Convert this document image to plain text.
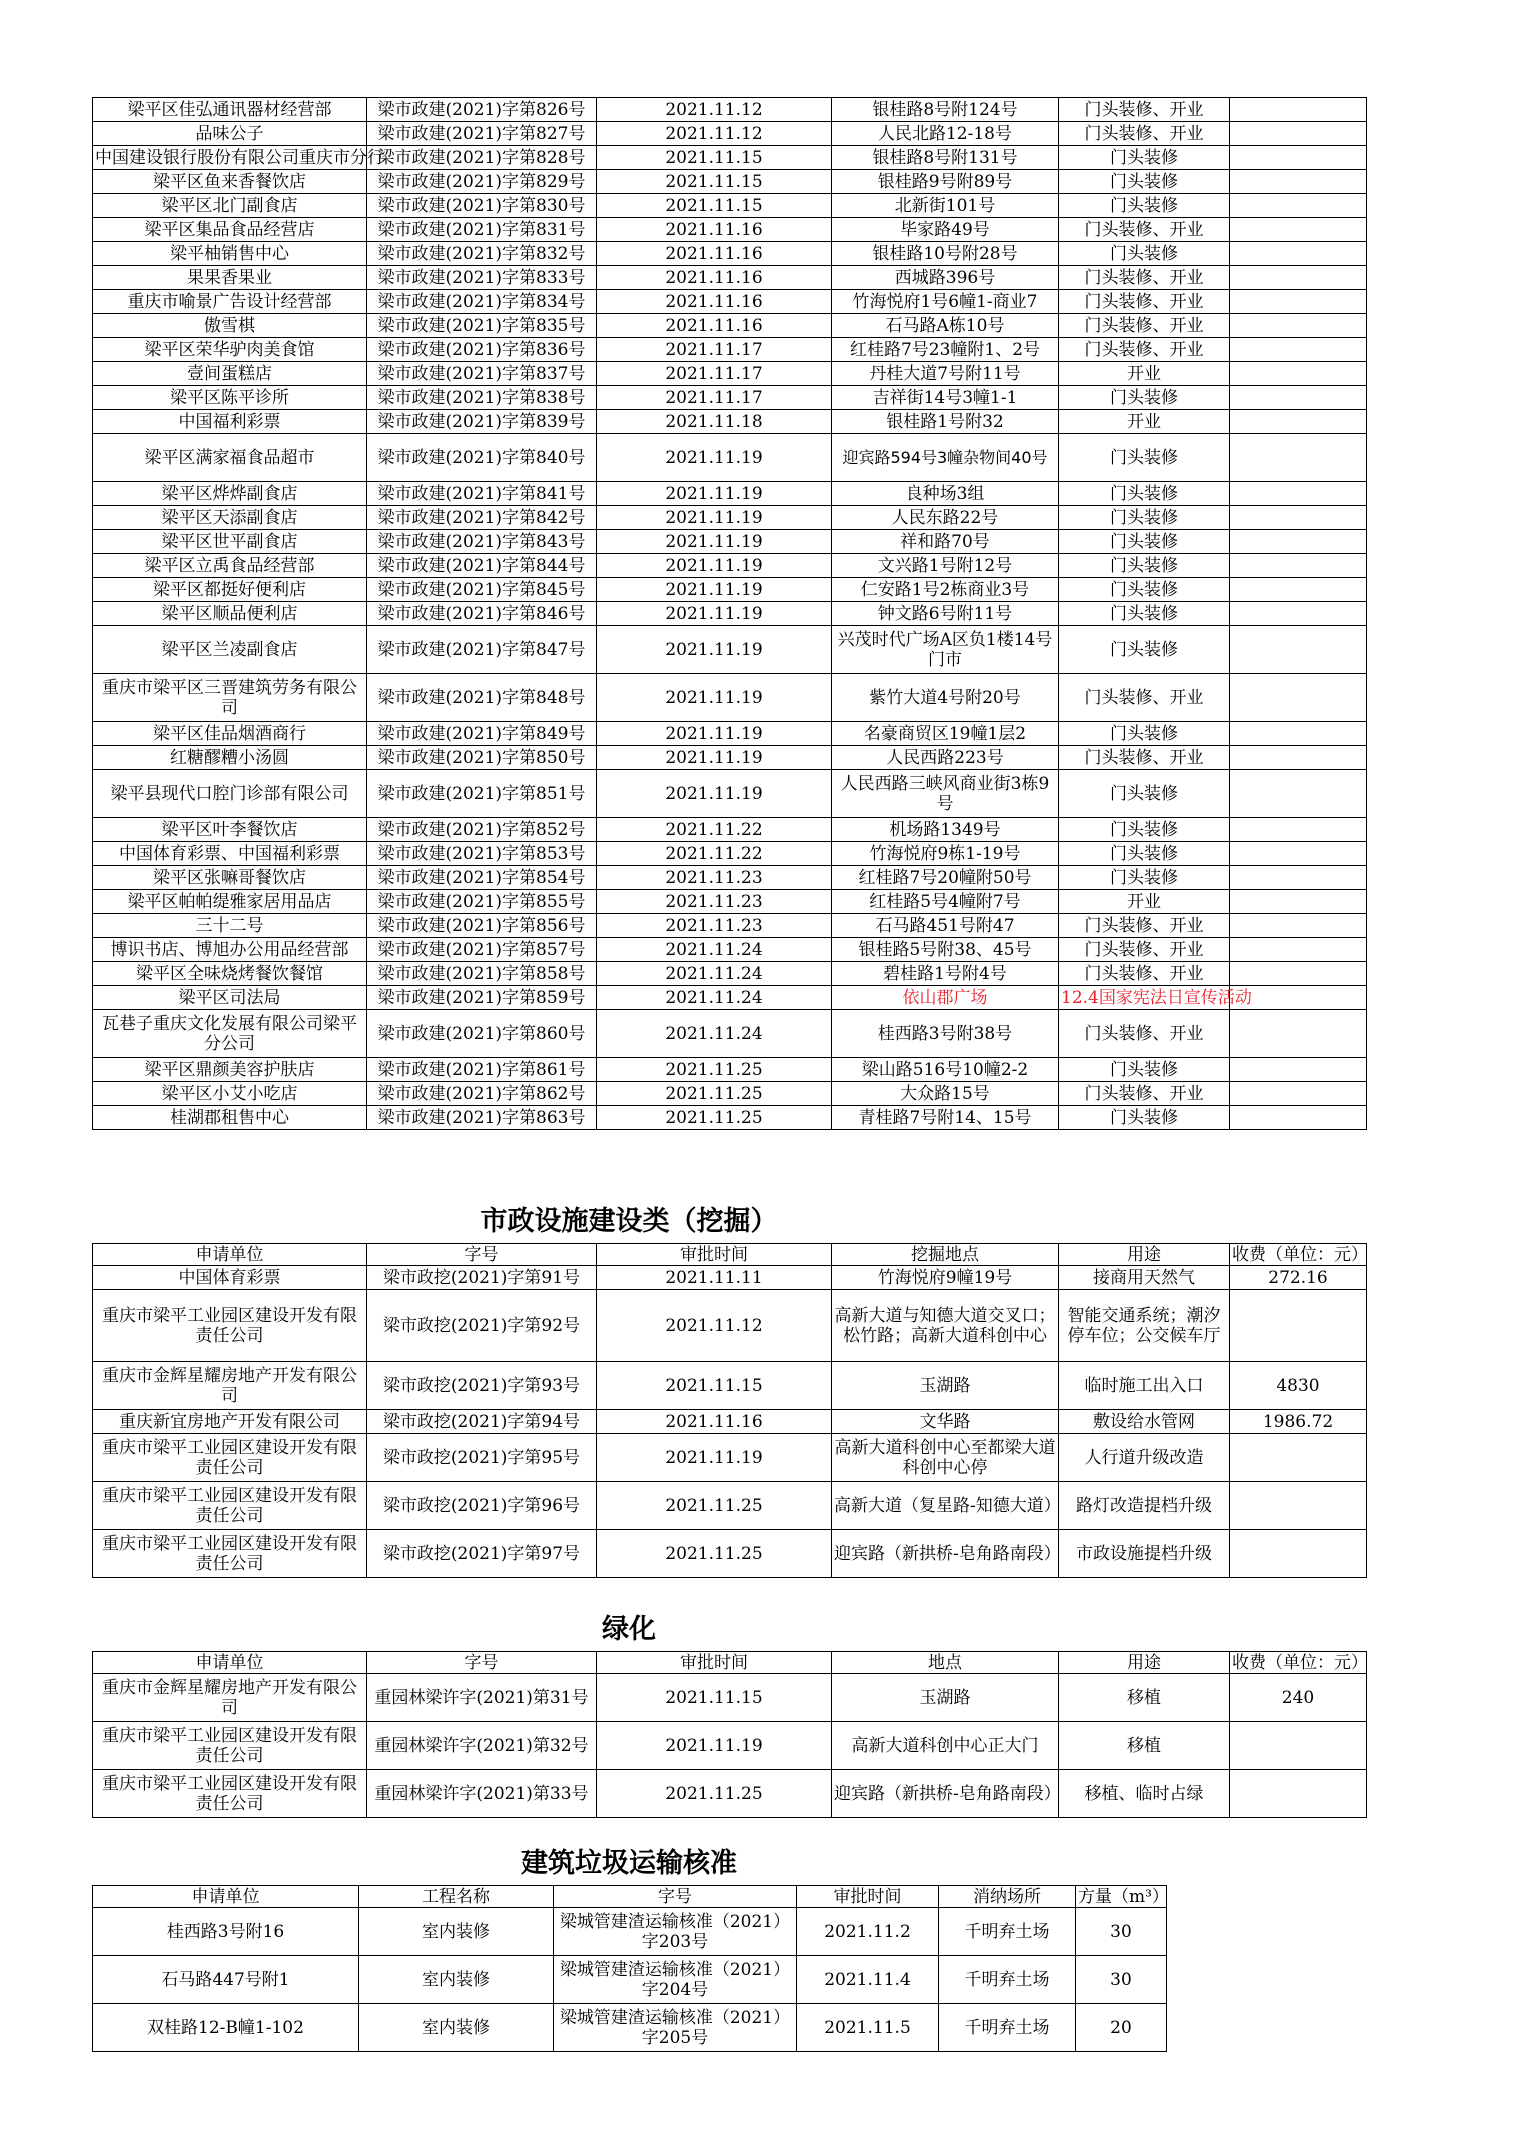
梁平区佳弘通讯器材经营部	梁市政建(2021)字第826号	2021.11.12	银桂路8号附124号	门头装修、开业	
品味公子	梁市政建(2021)字第827号	2021.11.12	人民北路12-18号	门头装修、开业	
中国建设银行股份有限公司重庆市分行	梁市政建(2021)字第828号	2021.11.15	银桂路8号附131号	门头装修	
梁平区鱼来香餐饮店	梁市政建(2021)字第829号	2021.11.15	银桂路9号附89号	门头装修	
梁平区北门副食店	梁市政建(2021)字第830号	2021.11.15	北新街101号	门头装修	
梁平区集品食品经营店	梁市政建(2021)字第831号	2021.11.16	毕家路49号	门头装修、开业	
梁平柚销售中心	梁市政建(2021)字第832号	2021.11.16	银桂路10号附28号	门头装修	
果果香果业	梁市政建(2021)字第833号	2021.11.16	西城路396号	门头装修、开业	
重庆市喻景广告设计经营部	梁市政建(2021)字第834号	2021.11.16	竹海悦府1号6幢1-商业7	门头装修、开业	
傲雪棋	梁市政建(2021)字第835号	2021.11.16	石马路A栋10号	门头装修、开业	
梁平区荣华驴肉美食馆	梁市政建(2021)字第836号	2021.11.17	红桂路7号23幢附1、2号	门头装修、开业	
壹间蛋糕店	梁市政建(2021)字第837号	2021.11.17	丹桂大道7号附11号	开业	
梁平区陈平诊所	梁市政建(2021)字第838号	2021.11.17	吉祥街14号3幢1-1	门头装修	
中国福利彩票	梁市政建(2021)字第839号	2021.11.18	银桂路1号附32	开业	
梁平区满家福食品超市	梁市政建(2021)字第840号	2021.11.19	迎宾路594号3幢杂物间40号	门头装修	
梁平区烨烨副食店	梁市政建(2021)字第841号	2021.11.19	良种场3组	门头装修	
梁平区天添副食店	梁市政建(2021)字第842号	2021.11.19	人民东路22号	门头装修	
梁平区世平副食店	梁市政建(2021)字第843号	2021.11.19	祥和路70号	门头装修	
梁平区立禹食品经营部	梁市政建(2021)字第844号	2021.11.19	文兴路1号附12号	门头装修	
梁平区都挺好便利店	梁市政建(2021)字第845号	2021.11.19	仁安路1号2栋商业3号	门头装修	
梁平区顺品便利店	梁市政建(2021)字第846号	2021.11.19	钟文路6号附11号	门头装修	
梁平区兰凌副食店	梁市政建(2021)字第847号	2021.11.19	兴茂时代广场A区负1楼14号门市	门头装修	
重庆市梁平区三晋建筑劳务有限公司	梁市政建(2021)字第848号	2021.11.19	紫竹大道4号附20号	门头装修、开业	
梁平区佳品烟酒商行	梁市政建(2021)字第849号	2021.11.19	名豪商贸区19幢1层2	门头装修	
红糖醪糟小汤圆	梁市政建(2021)字第850号	2021.11.19	人民西路223号	门头装修、开业	
梁平县现代口腔门诊部有限公司	梁市政建(2021)字第851号	2021.11.19	人民西路三峡风商业街3栋9号	门头装修	
梁平区叶李餐饮店	梁市政建(2021)字第852号	2021.11.22	机场路1349号	门头装修	
中国体育彩票、中国福利彩票	梁市政建(2021)字第853号	2021.11.22	竹海悦府9栋1-19号	门头装修	
梁平区张嘛哥餐饮店	梁市政建(2021)字第854号	2021.11.23	红桂路7号20幢附50号	门头装修	
梁平区帕帕缇雅家居用品店	梁市政建(2021)字第855号	2021.11.23	红桂路5号4幢附7号	开业	
三十二号	梁市政建(2021)字第856号	2021.11.23	石马路451号附47	门头装修、开业	
博识书店、博旭办公用品经营部	梁市政建(2021)字第857号	2021.11.24	银桂路5号附38、45号	门头装修、开业	
梁平区全味烧烤餐饮餐馆	梁市政建(2021)字第858号	2021.11.24	碧桂路1号附4号	门头装修、开业	
梁平区司法局	梁市政建(2021)字第859号	2021.11.24	依山郡广场	12.4国家宪法日宣传活动	
瓦巷子重庆文化发展有限公司梁平分公司	梁市政建(2021)字第860号	2021.11.24	桂西路3号附38号	门头装修、开业	
梁平区鼎颜美容护肤店	梁市政建(2021)字第861号	2021.11.25	梁山路516号10幢2-2	门头装修	
梁平区小艾小吃店	梁市政建(2021)字第862号	2021.11.25	大众路15号	门头装修、开业	
桂湖郡租售中心	梁市政建(2021)字第863号	2021.11.25	青桂路7号附14、15号	门头装修	
市政设施建设类（挖掘）
申请单位	字号	审批时间	挖掘地点	用途	收费（单位：元）
中国体育彩票	梁市政挖(2021)字第91号	2021.11.11	竹海悦府9幢19号	接商用天然气	272.16
重庆市梁平工业园区建设开发有限责任公司	梁市政挖(2021)字第92号	2021.11.12	高新大道与知德大道交叉口；松竹路；高新大道科创中心	智能交通系统；潮汐停车位；公交候车厅	
重庆市金辉星耀房地产开发有限公司	梁市政挖(2021)字第93号	2021.11.15	玉湖路	临时施工出入口	4830
重庆新宜房地产开发有限公司	梁市政挖(2021)字第94号	2021.11.16	文华路	敷设给水管网	1986.72
重庆市梁平工业园区建设开发有限责任公司	梁市政挖(2021)字第95号	2021.11.19	高新大道科创中心至都梁大道科创中心停	人行道升级改造	
重庆市梁平工业园区建设开发有限责任公司	梁市政挖(2021)字第96号	2021.11.25	高新大道（复星路-知德大道）	路灯改造提档升级	
重庆市梁平工业园区建设开发有限责任公司	梁市政挖(2021)字第97号	2021.11.25	迎宾路（新拱桥-皂角路南段）	市政设施提档升级	
绿化
申请单位	字号	审批时间	地点	用途	收费（单位：元）
重庆市金辉星耀房地产开发有限公司	重园林梁许字(2021)第31号	2021.11.15	玉湖路	移植	240
重庆市梁平工业园区建设开发有限责任公司	重园林梁许字(2021)第32号	2021.11.19	高新大道科创中心正大门	移植	
重庆市梁平工业园区建设开发有限责任公司	重园林梁许字(2021)第33号	2021.11.25	迎宾路（新拱桥-皂角路南段）	移植、临时占绿	
建筑垃圾运输核准
申请单位	工程名称	字号	审批时间	消纳场所	方量（m³）
桂西路3号附16	室内装修	梁城管建渣运输核准（2021）字203号	2021.11.2	千明弃土场	30
石马路447号附1	室内装修	梁城管建渣运输核准（2021）字204号	2021.11.4	千明弃土场	30
双桂路12-B幢1-102	室内装修	梁城管建渣运输核准（2021）字205号	2021.11.5	千明弃土场	20
